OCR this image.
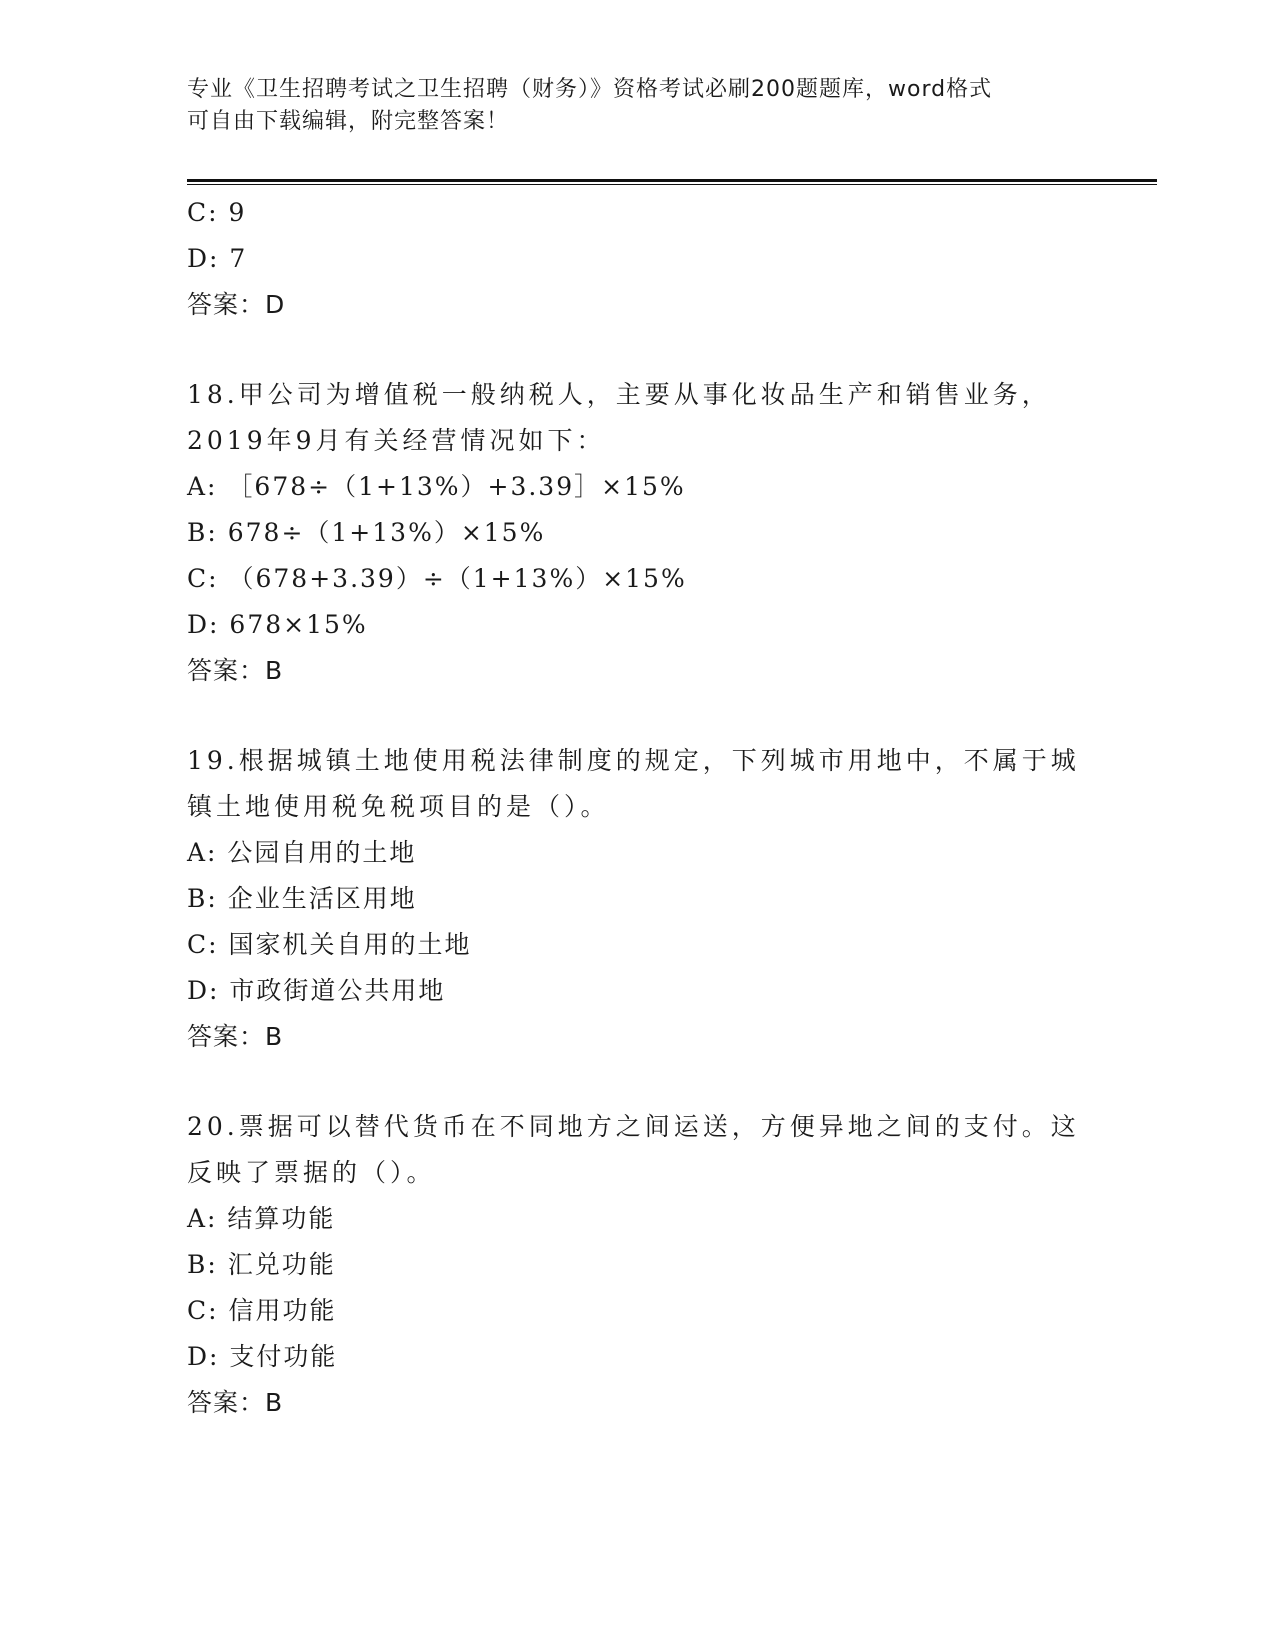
专业《卫生招聘考试之卫生招聘（财务）》资格考试必刷200题题库，word格式
可自由下载编辑，附完整答案！
C: 9
D: 7
答案：D
18.甲公司为增值税一般纳税人，主要从事化妆品生产和销售业务，
2019年9月有关经营情况如下：
A: ［678÷（1+13%）+3.39］×15%
B: 678÷（1+13%）×15%
C: （678+3.39）÷（1+13%）×15%
D: 678×15%
答案：B
19.根据城镇土地使用税法律制度的规定，下列城市用地中，不属于城
镇土地使用税免税项目的是（）。
A: 公园自用的土地
B: 企业生活区用地
C: 国家机关自用的土地
D: 市政街道公共用地
答案：B
20.票据可以替代货币在不同地方之间运送，方便异地之间的支付。这
反映了票据的（）。
A: 结算功能
B: 汇兑功能
C: 信用功能
D: 支付功能
答案：B
